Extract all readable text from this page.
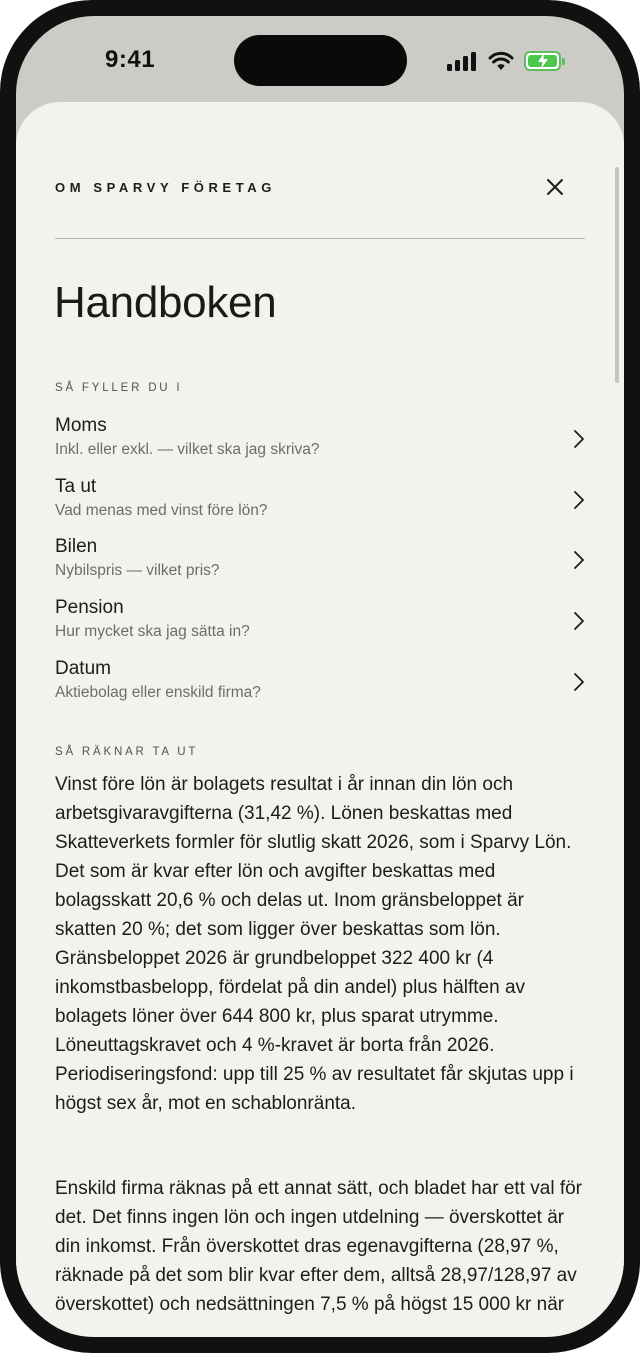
9:41
OM SPARVY FÖRETAG
Handboken
SÅ FYLLER DU I
Moms
Inkl. eller exkl. — vilket ska jag skriva?
Ta ut
Vad menas med vinst före lön?
Bilen
Nybilspris — vilket pris?
Pension
Hur mycket ska jag sätta in?
Datum
Aktiebolag eller enskild firma?
SÅ RÄKNAR TA UT

Vinst före lön är bolagets resultat i år innan din lön och arbetsgivaravgifterna (31,42 %). Lönen beskattas med Skatteverkets formler för slutlig skatt 2026, som i Sparvy Lön. Det som är kvar efter lön och avgifter beskattas med bolagsskatt 20,6 % och delas ut. Inom gränsbeloppet är skatten 20 %; det som ligger över beskattas som lön. Gränsbeloppet 2026 är grundbeloppet 322 400 kr (4 inkomstbasbelopp, fördelat på din andel) plus hälften av bolagets löner över 644 800 kr, plus sparat utrymme. Löneuttagskravet och 4 %-kravet är borta från 2026. Periodiseringsfond: upp till 25 % av resultatet får skjutas upp i högst sex år, mot en schablonränta.

Enskild firma räknas på ett annat sätt, och bladet har ett val för det. Det finns ingen lön och ingen utdelning — överskottet är din inkomst. Från överskottet dras egenavgifterna (28,97 %, räknade på det som blir kvar efter dem, alltså 28,97/128,97 av överskottet) och nedsättningen 7,5 % på högst 15 000 kr när
